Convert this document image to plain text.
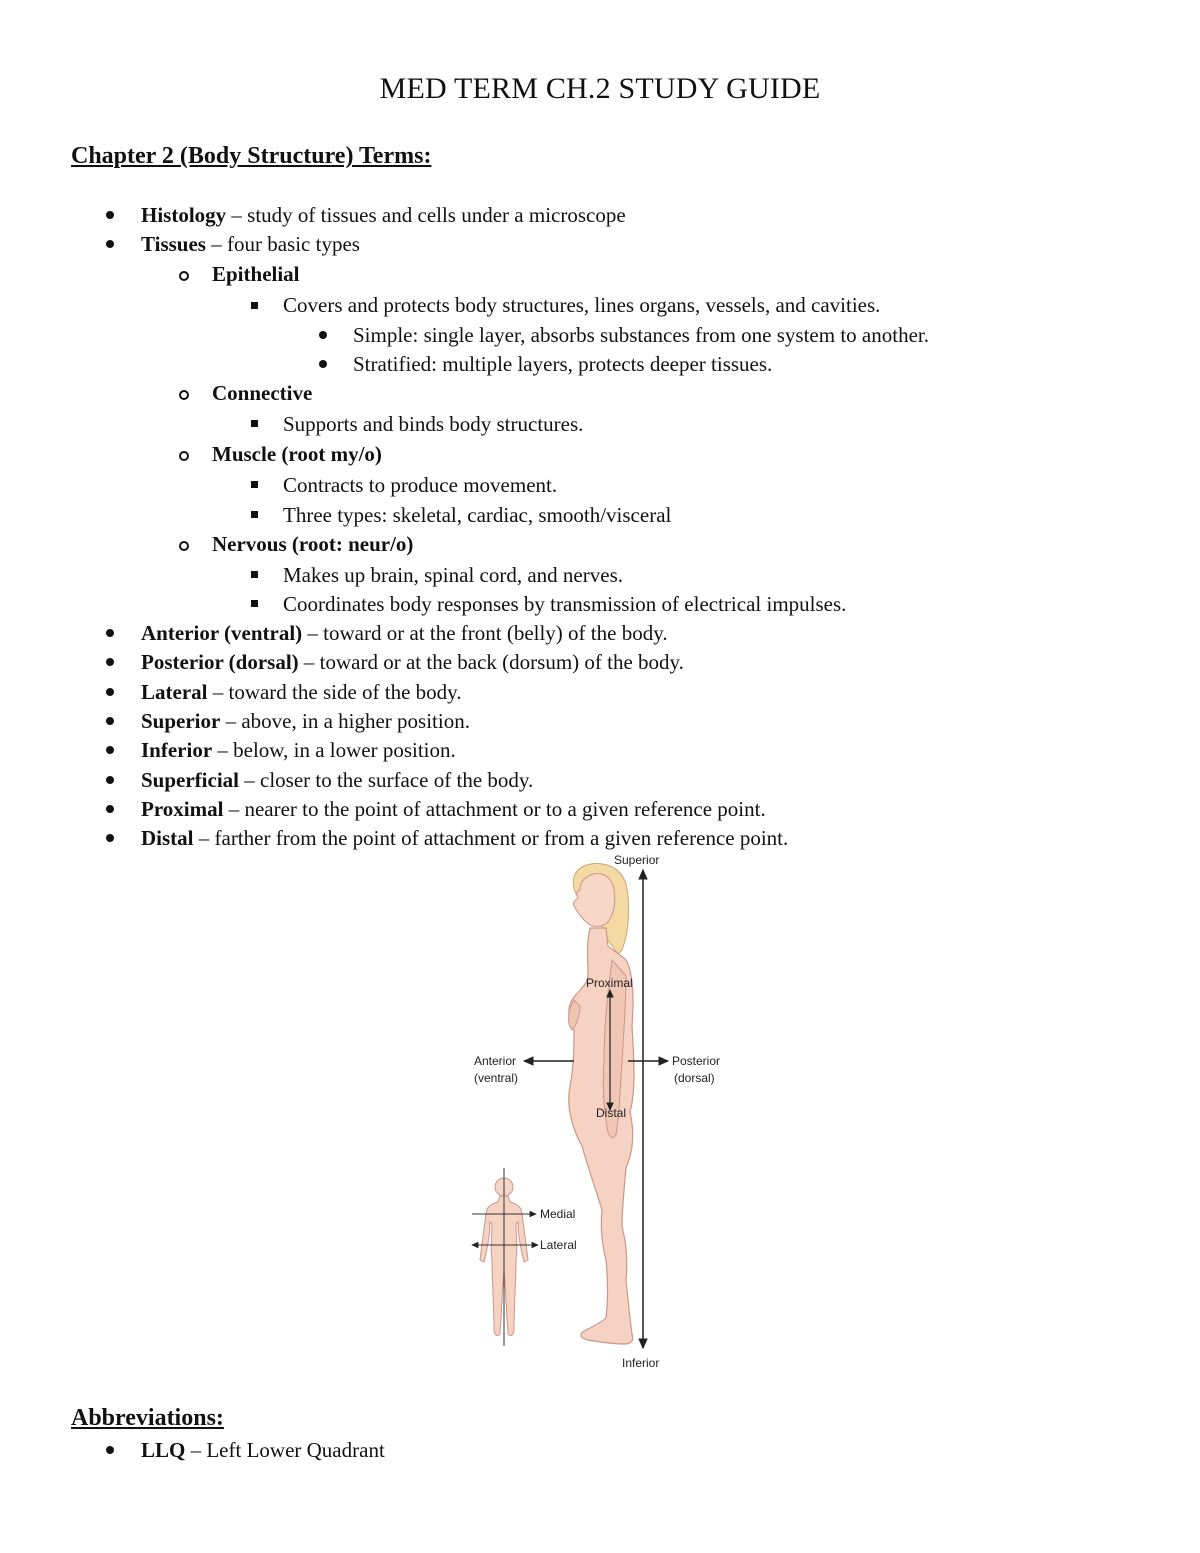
MED TERM CH.2 STUDY GUIDE
Chapter 2 (Body Structure) Terms:
Histology – study of tissues and cells under a microscope
Tissues – four basic types
Epithelial
Covers and protects body structures, lines organs, vessels, and cavities.
Simple: single layer, absorbs substances from one system to another.
Stratified: multiple layers, protects deeper tissues.
Connective
Supports and binds body structures.
Muscle (root my/o)
Contracts to produce movement.
Three types: skeletal, cardiac, smooth/visceral
Nervous (root: neur/o)
Makes up brain, spinal cord, and nerves.
Coordinates body responses by transmission of electrical impulses.
Anterior (ventral) – toward or at the front (belly) of the body.
Posterior (dorsal) – toward or at the back (dorsum) of the body.
Lateral – toward the side of the body.
Superior – above, in a higher position.
Inferior – below, in a lower position.
Superficial – closer to the surface of the body.
Proximal – nearer to the point of attachment or to a given reference point.
Distal – farther from the point of attachment or from a given reference point.
Superior
Inferior
Anterior
(ventral)
Posterior
(dorsal)
Proximal
Distal
Medial
Lateral
Abbreviations:
LLQ – Left Lower Quadrant
